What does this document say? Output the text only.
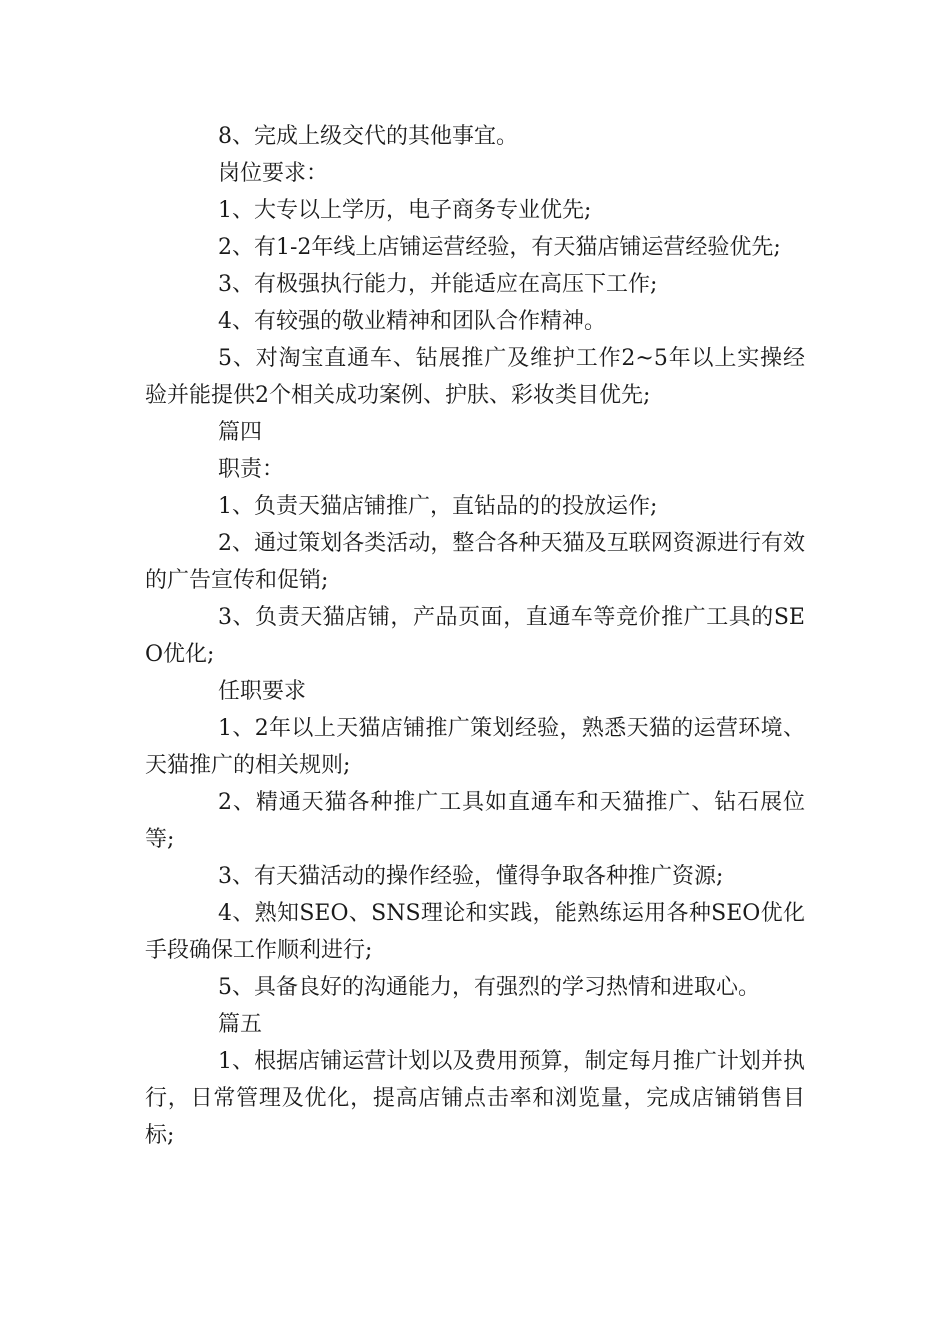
8、完成上级交代的其他事宜。

岗位要求：

1、大专以上学历，电子商务专业优先;

2、有1-2年线上店铺运营经验，有天猫店铺运营经验优先;

3、有极强执行能力，并能适应在高压下工作;

4、有较强的敬业精神和团队合作精神。

5、对淘宝直通车、钻展推广及维护工作2~5年以上实操经验并能提供2个相关成功案例、护肤、彩妆类目优先;

篇四

职责：

1、负责天猫店铺推广，直钻品的的投放运作;

2、通过策划各类活动，整合各种天猫及互联网资源进行有效的广告宣传和促销;

3、负责天猫店铺，产品页面，直通车等竞价推广工具的SEO优化;

任职要求

1、2年以上天猫店铺推广策划经验，熟悉天猫的运营环境、天猫推广的相关规则;

2、精通天猫各种推广工具如直通车和天猫推广、钻石展位等;

3、有天猫活动的操作经验，懂得争取各种推广资源;

4、熟知SEO、SNS理论和实践，能熟练运用各种SEO优化手段确保工作顺利进行;

5、具备良好的沟通能力，有强烈的学习热情和进取心。

篇五

1、根据店铺运营计划以及费用预算，制定每月推广计划并执行，日常管理及优化，提高店铺点击率和浏览量，完成店铺销售目标;
